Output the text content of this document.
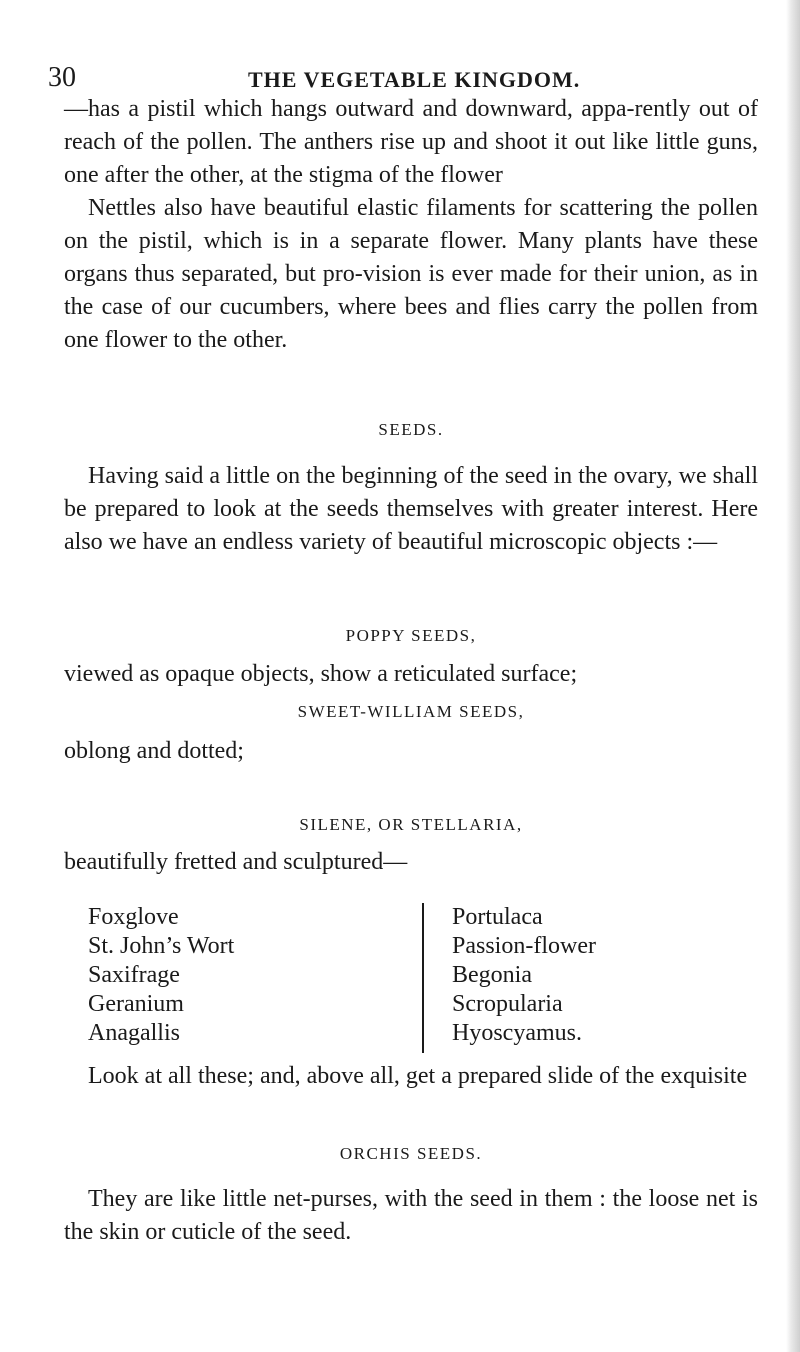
30	THE VEGETABLE KINGDOM.

—has a pistil which hangs outward and downward, appa-rently out of reach of the pollen. The anthers rise up and shoot it out like little guns, one after the other, at the stigma of the flower

Nettles also have beautiful elastic filaments for scattering the pollen on the pistil, which is in a separate flower. Many plants have these organs thus separated, but pro-vision is ever made for their union, as in the case of our cucumbers, where bees and flies carry the pollen from one flower to the other.

SEEDS.

Having said a little on the beginning of the seed in the ovary, we shall be prepared to look at the seeds themselves with greater interest. Here also we have an endless variety of beautiful microscopic objects :—

POPPY SEEDS,

viewed as opaque objects, show a reticulated surface;

SWEET-WILLIAM SEEDS,

oblong and dotted;

SILENE, OR STELLARIA,

beautifully fretted and sculptured—

Foxglove
St. John’s Wort
Saxifrage
Geranium
Anagallis
Portulaca
Passion-flower
Begonia
Scropularia
Hyoscyamus.

Look at all these; and, above all, get a prepared slide of the exquisite

ORCHIS SEEDS.

They are like little net-purses, with the seed in them : the loose net is the skin or cuticle of the seed.
